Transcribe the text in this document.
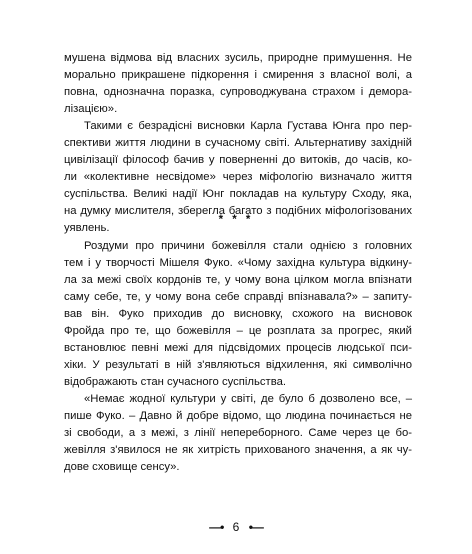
мушена відмова від власних зусиль, природне примушення. Не
морально прикрашене підкорення і смирення з власної волі, а
повна, однозначна поразка, супроводжувана страхом і деморa-
лізацією».
Такими є безрадісні висновки Карла Густава Юнга про пер-
спективи життя людини в сучасному світі. Альтернативу західній
цивілізації філософ бачив у поверненні до витоків, до часів, ко-
ли «колективне несвідоме» через міфологію визначало життя
суспільства. Великі надії Юнг покладав на культуру Сходу, яка,
на думку мислителя, зберегла багато з подібних міфологізованих
уявлень.
* * *
Роздуми про причини божевілля стали однією з головних
тем і у творчості Мішеля Фуко. «Чому західна культура відкину-
ла за межі своїх кордонів те, у чому вона цілком могла впізнати
саму себе, те, у чому вона себе справді впізнавала?» – запиту-
вав він. Фуко приходив до висновку, схожого на висновок
Фройда про те, що божевілля – це розплата за прогрес, який
встановлює певні межі для підсвідомих процесів людської пси-
хіки. У результаті в ній з'являються відхилення, які символічно
відображають стан сучасного суспільства.
«Немає жодної культури у світі, де було б дозволено все, –
пише Фуко. – Давно й добре відомо, що людина починається не
зі свободи, а з межі, з лінії непереборного. Саме через це бо-
жевілля з'явилося не як хитрість прихованого значення, а як чу-
дове сховище сенсу».
—• 6 •—
